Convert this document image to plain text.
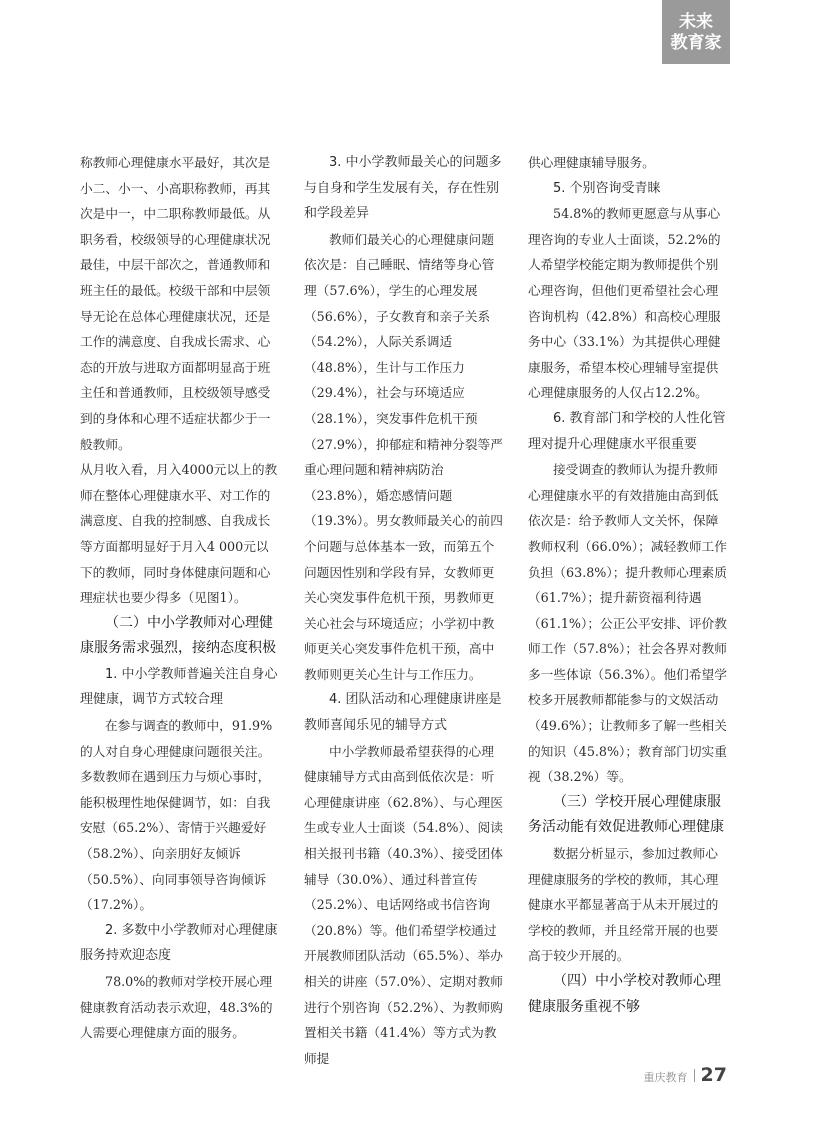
未来
教育家

称教师心理健康水平最好，其次是小二、小一、小高职称教师，再其次是中一，中二职称教师最低。从职务看，校级领导的心理健康状况最佳，中层干部次之，普通教师和班主任的最低。校级干部和中层领导无论在总体心理健康状况，还是工作的满意度、自我成长需求、心态的开放与进取方面都明显高于班主任和普通教师，且校级领导感受到的身体和心理不适症状都少于一般教师。

从月收入看，月入4000元以上的教师在整体心理健康水平、对工作的满意度、自我的控制感、自我成长等方面都明显好于月入4 000元以下的教师，同时身体健康问题和心理症状也要少得多（见图1）。

（二）中小学教师对心理健康服务需求强烈，接纳态度积极

1. 中小学教师普遍关注自身心理健康，调节方式较合理

在参与调查的教师中，91.9%的人对自身心理健康问题很关注。多数教师在遇到压力与烦心事时，能积极理性地保健调节，如：自我安慰（65.2%）、寄情于兴趣爱好（58.2%）、向亲朋好友倾诉（50.5%）、向同事领导咨询倾诉（17.2%）。

2. 多数中小学教师对心理健康服务持欢迎态度

78.0%的教师对学校开展心理健康教育活动表示欢迎，48.3%的人需要心理健康方面的服务。

3. 中小学教师最关心的问题多与自身和学生发展有关，存在性别和学段差异

教师们最关心的心理健康问题依次是：自己睡眠、情绪等身心管理（57.6%），学生的心理发展（56.6%），子女教育和亲子关系（54.2%），人际关系调适（48.8%），生计与工作压力（29.4%），社会与环境适应（28.1%），突发事件危机干预（27.9%），抑郁症和精神分裂等严重心理问题和精神病防治（23.8%），婚恋感情问题（19.3%）。男女教师最关心的前四个问题与总体基本一致，而第五个问题因性别和学段有异，女教师更关心突发事件危机干预，男教师更关心社会与环境适应；小学初中教师更关心突发事件危机干预，高中教师则更关心生计与工作压力。

4. 团队活动和心理健康讲座是教师喜闻乐见的辅导方式

中小学教师最希望获得的心理健康辅导方式由高到低依次是：听心理健康讲座（62.8%）、与心理医生或专业人士面谈（54.8%）、阅读相关报刊书籍（40.3%）、接受团体辅导（30.0%）、通过科普宣传（25.2%）、电话网络或书信咨询（20.8%）等。他们希望学校通过开展教师团队活动（65.5%）、举办相关的讲座（57.0%）、定期对教师进行个别咨询（52.2%）、为教师购置相关书籍（41.4%）等方式为教师提

供心理健康辅导服务。

5. 个别咨询受青睐

54.8%的教师更愿意与从事心理咨询的专业人士面谈，52.2%的人希望学校能定期为教师提供个别心理咨询，但他们更希望社会心理咨询机构（42.8%）和高校心理服务中心（33.1%）为其提供心理健康服务，希望本校心理辅导室提供心理健康服务的人仅占12.2%。

6. 教育部门和学校的人性化管理对提升心理健康水平很重要

接受调查的教师认为提升教师心理健康水平的有效措施由高到低依次是：给予教师人文关怀，保障教师权利（66.0%）；减轻教师工作负担（63.8%）；提升教师心理素质（61.7%）；提升薪资福利待遇（61.1%）；公正公平安排、评价教师工作（57.8%）；社会各界对教师多一些体谅（56.3%）。他们希望学校多开展教师都能参与的文娱活动（49.6%）；让教师多了解一些相关的知识（45.8%）；教育部门切实重视（38.2%）等。

（三）学校开展心理健康服务活动能有效促进教师心理健康

数据分析显示，参加过教师心理健康服务的学校的教师，其心理健康水平都显著高于从未开展过的学校的教师，并且经常开展的也要高于较少开展的。

（四）中小学校对教师心理健康服务重视不够

重庆教育 27
